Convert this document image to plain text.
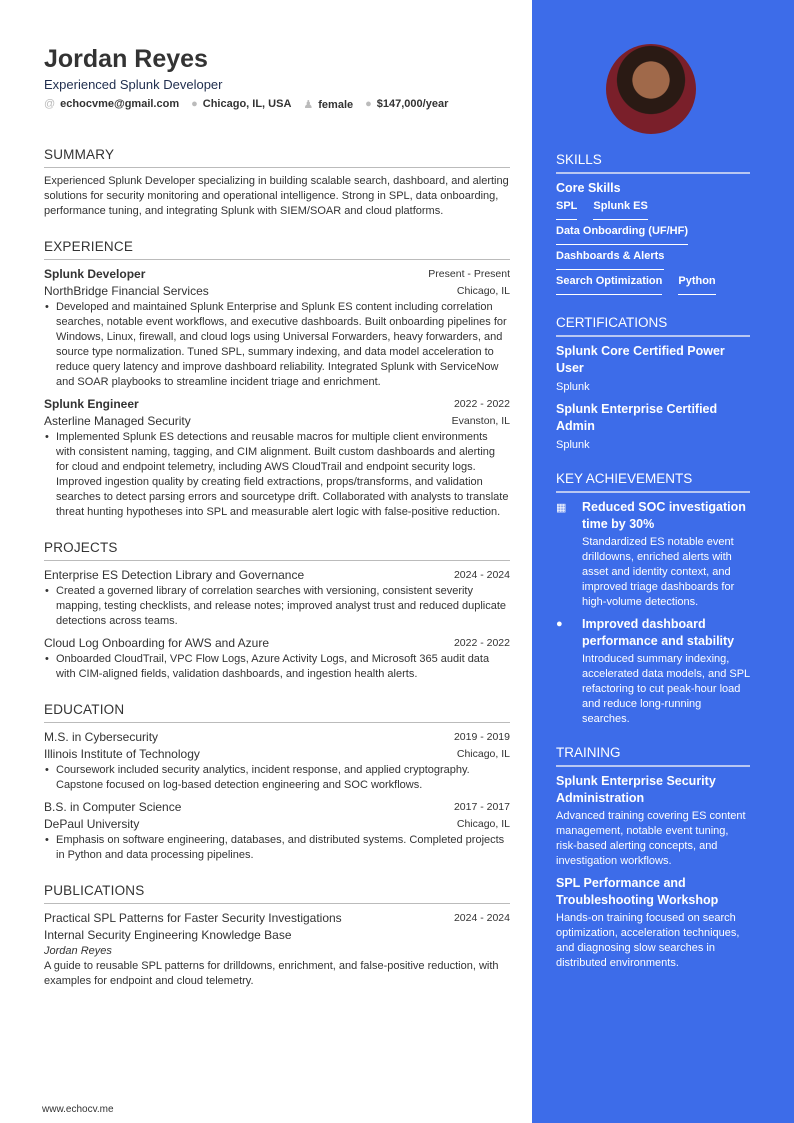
Jordan Reyes
Experienced Splunk Developer
@ echocvme@gmail.com ● Chicago, IL, USA ♟ female ● $147,000/year
SUMMARY
Experienced Splunk Developer specializing in building scalable search, dashboard, and alerting solutions for security monitoring and operational intelligence. Strong in SPL, data onboarding, performance tuning, and integrating Splunk with SIEM/SOAR and cloud platforms.
EXPERIENCE
Splunk Developer	Present - Present
NorthBridge Financial Services	Chicago, IL
• Developed and maintained Splunk Enterprise and Splunk ES content including correlation searches, notable event workflows, and executive dashboards. Built onboarding pipelines for Windows, Linux, firewall, and cloud logs using Universal Forwarders, heavy forwarders, and source type normalization. Tuned SPL, summary indexing, and data model acceleration to reduce query latency and improve dashboard reliability. Integrated Splunk with ServiceNow and SOAR playbooks to streamline incident triage and enrichment.
Splunk Engineer	2022 - 2022
Asterline Managed Security	Evanston, IL
• Implemented Splunk ES detections and reusable macros for multiple client environments with consistent naming, tagging, and CIM alignment. Built custom dashboards and alerting for cloud and endpoint telemetry, including AWS CloudTrail and endpoint security logs. Improved ingestion quality by creating field extractions, props/transforms, and validation searches to detect parsing errors and sourcetype drift. Collaborated with analysts to translate threat hunting hypotheses into SPL and measurable alert logic with false-positive reduction.
PROJECTS
Enterprise ES Detection Library and Governance	2024 - 2024
• Created a governed library of correlation searches with versioning, consistent severity mapping, testing checklists, and release notes; improved analyst trust and reduced duplicate detections across teams.
Cloud Log Onboarding for AWS and Azure	2022 - 2022
• Onboarded CloudTrail, VPC Flow Logs, Azure Activity Logs, and Microsoft 365 audit data with CIM-aligned fields, validation dashboards, and ingestion health alerts.
EDUCATION
M.S. in Cybersecurity	2019 - 2019
Illinois Institute of Technology	Chicago, IL
• Coursework included security analytics, incident response, and applied cryptography. Capstone focused on log-based detection engineering and SOC workflows.
B.S. in Computer Science	2017 - 2017
DePaul University	Chicago, IL
• Emphasis on software engineering, databases, and distributed systems. Completed projects in Python and data processing pipelines.
PUBLICATIONS
Practical SPL Patterns for Faster Security Investigations	2024 - 2024
Internal Security Engineering Knowledge Base
Jordan Reyes
A guide to reusable SPL patterns for drilldowns, enrichment, and false-positive reduction, with examples for endpoint and cloud telemetry.
www.echocv.me
SKILLS
Core Skills
SPL Splunk ES
Data Onboarding (UF/HF)
Dashboards & Alerts
Search Optimization Python
CERTIFICATIONS
Splunk Core Certified Power User
Splunk
Splunk Enterprise Certified Admin
Splunk
KEY ACHIEVEMENTS
▦ Reduced SOC investigation time by 30%
Standardized ES notable event drilldowns, enriched alerts with asset and identity context, and improved triage dashboards for high-volume detections.
●	Improved dashboard performance and stability
Introduced summary indexing, accelerated data models, and SPL refactoring to cut peak-hour load and reduce long-running searches.
TRAINING
Splunk Enterprise Security Administration
Advanced training covering ES content management, notable event tuning, risk-based alerting concepts, and investigation workflows.
SPL Performance and Troubleshooting Workshop
Hands-on training focused on search optimization, acceleration techniques, and diagnosing slow searches in distributed environments.
